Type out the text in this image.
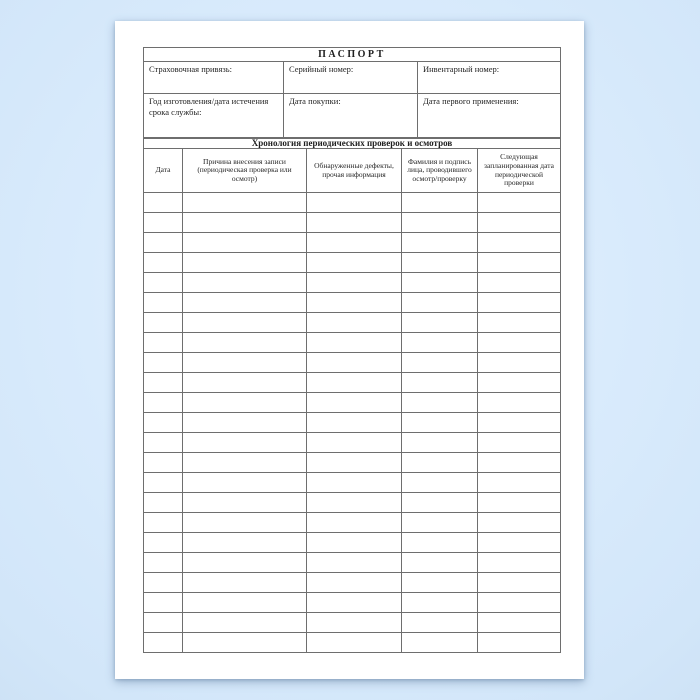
ПАСПОРТ		
Страховочная привязь:	Серийный номер:	Инвентарный номер:
Год изготовления/дата истечения срока службы:	Дата покупки:	Дата первого применения:
Хронология периодических проверок и осмотров				
Дата	Причина внесения записи (периодическая проверка или осмотр)	Обнаруженные дефекты, прочая информация	Фамилия и подпись лица, проводившего осмотр/проверку	Следующая запланированная дата периодической проверки
